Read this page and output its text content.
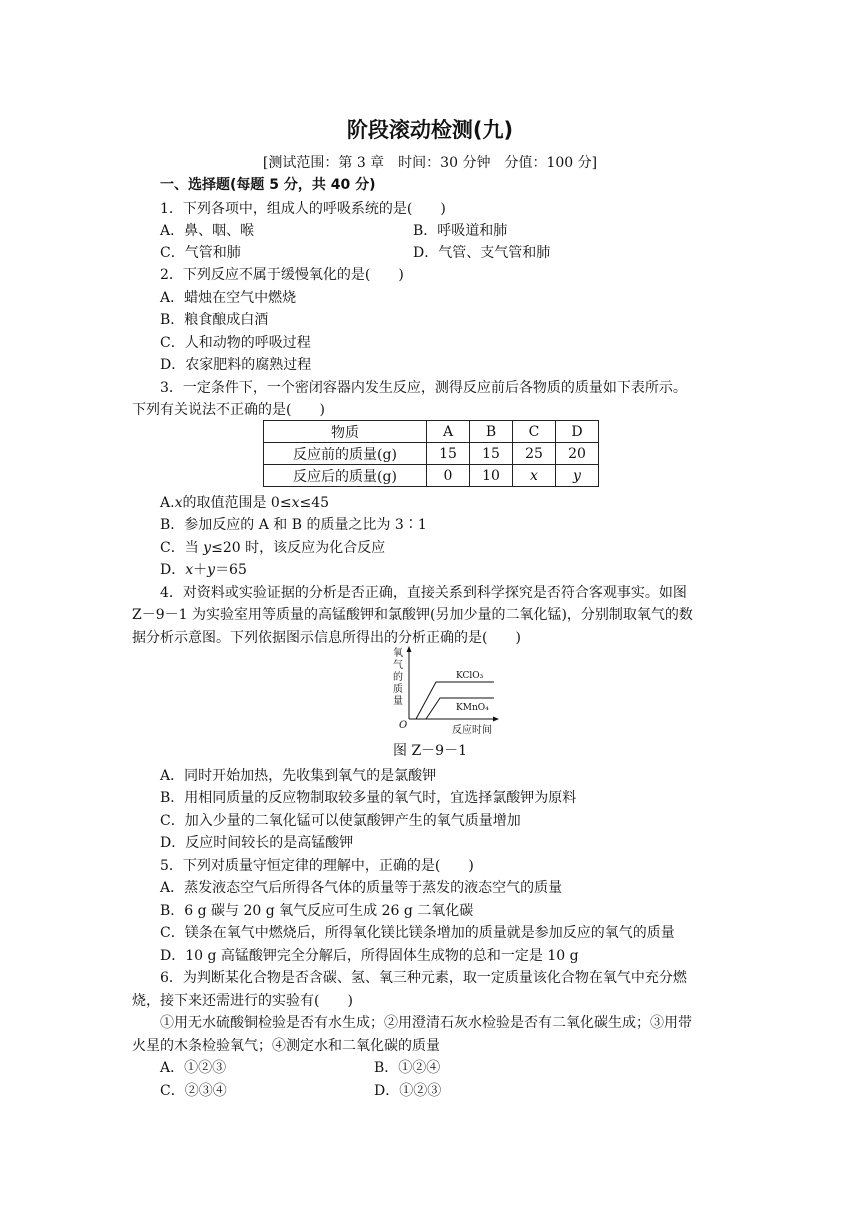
阶段滚动检测(九)
[测试范围：第 3 章　时间：30 分钟　分值：100 分]
一、选择题(每题 5 分，共 40 分)
1．下列各项中，组成人的呼吸系统的是(　　)
A．鼻、咽、喉	B．呼吸道和肺
C．气管和肺	D．气管、支气管和肺
2．下列反应不属于缓慢氧化的是(　　)
A．蜡烛在空气中燃烧
B．粮食酿成白酒
C．人和动物的呼吸过程
D．农家肥料的腐熟过程
3．一定条件下，一个密闭容器内发生反应，测得反应前后各物质的质量如下表所示。
下列有关说法不正确的是(　　)
物质	A	B	C	D
反应前的质量(g)	15	15	25	20
反应后的质量(g)	0	10	x	y
A.x的取值范围是 0≤x≤45
B．参加反应的 A 和 B 的质量之比为 3∶1
C．当 y≤20 时，该反应为化合反应
D．x＋y＝65
4．对资料或实验证据的分析是否正确，直接关系到科学探究是否符合客观事实。如图
Z－9－1 为实验室用等质量的高锰酸钾和氯酸钾(另加少量的二氧化锰)，分别制取氧气的数
据分析示意图。下列依据图示信息所得出的分析正确的是(　　)
氧
气
的
质
量
O	反应时间
KClO₃
KMnO₄
图 Z－9－1
A．同时开始加热，先收集到氧气的是氯酸钾
B．用相同质量的反应物制取较多量的氧气时，宜选择氯酸钾为原料
C．加入少量的二氧化锰可以使氯酸钾产生的氧气质量增加
D．反应时间较长的是高锰酸钾
5．下列对质量守恒定律的理解中，正确的是(　　)
A．蒸发液态空气后所得各气体的质量等于蒸发的液态空气的质量
B．6 g 碳与 20 g 氧气反应可生成 26 g 二氧化碳
C．镁条在氧气中燃烧后，所得氧化镁比镁条增加的质量就是参加反应的氧气的质量
D．10 g 高锰酸钾完全分解后，所得固体生成物的总和一定是 10 g
6．为判断某化合物是否含碳、氢、氧三种元素，取一定质量该化合物在氧气中充分燃
烧，接下来还需进行的实验有(　　)
①用无水硫酸铜检验是否有水生成；②用澄清石灰水检验是否有二氧化碳生成；③用带
火星的木条检验氧气；④测定水和二氧化碳的质量
A．①②③	B．①②④
C．②③④	D．①②③
